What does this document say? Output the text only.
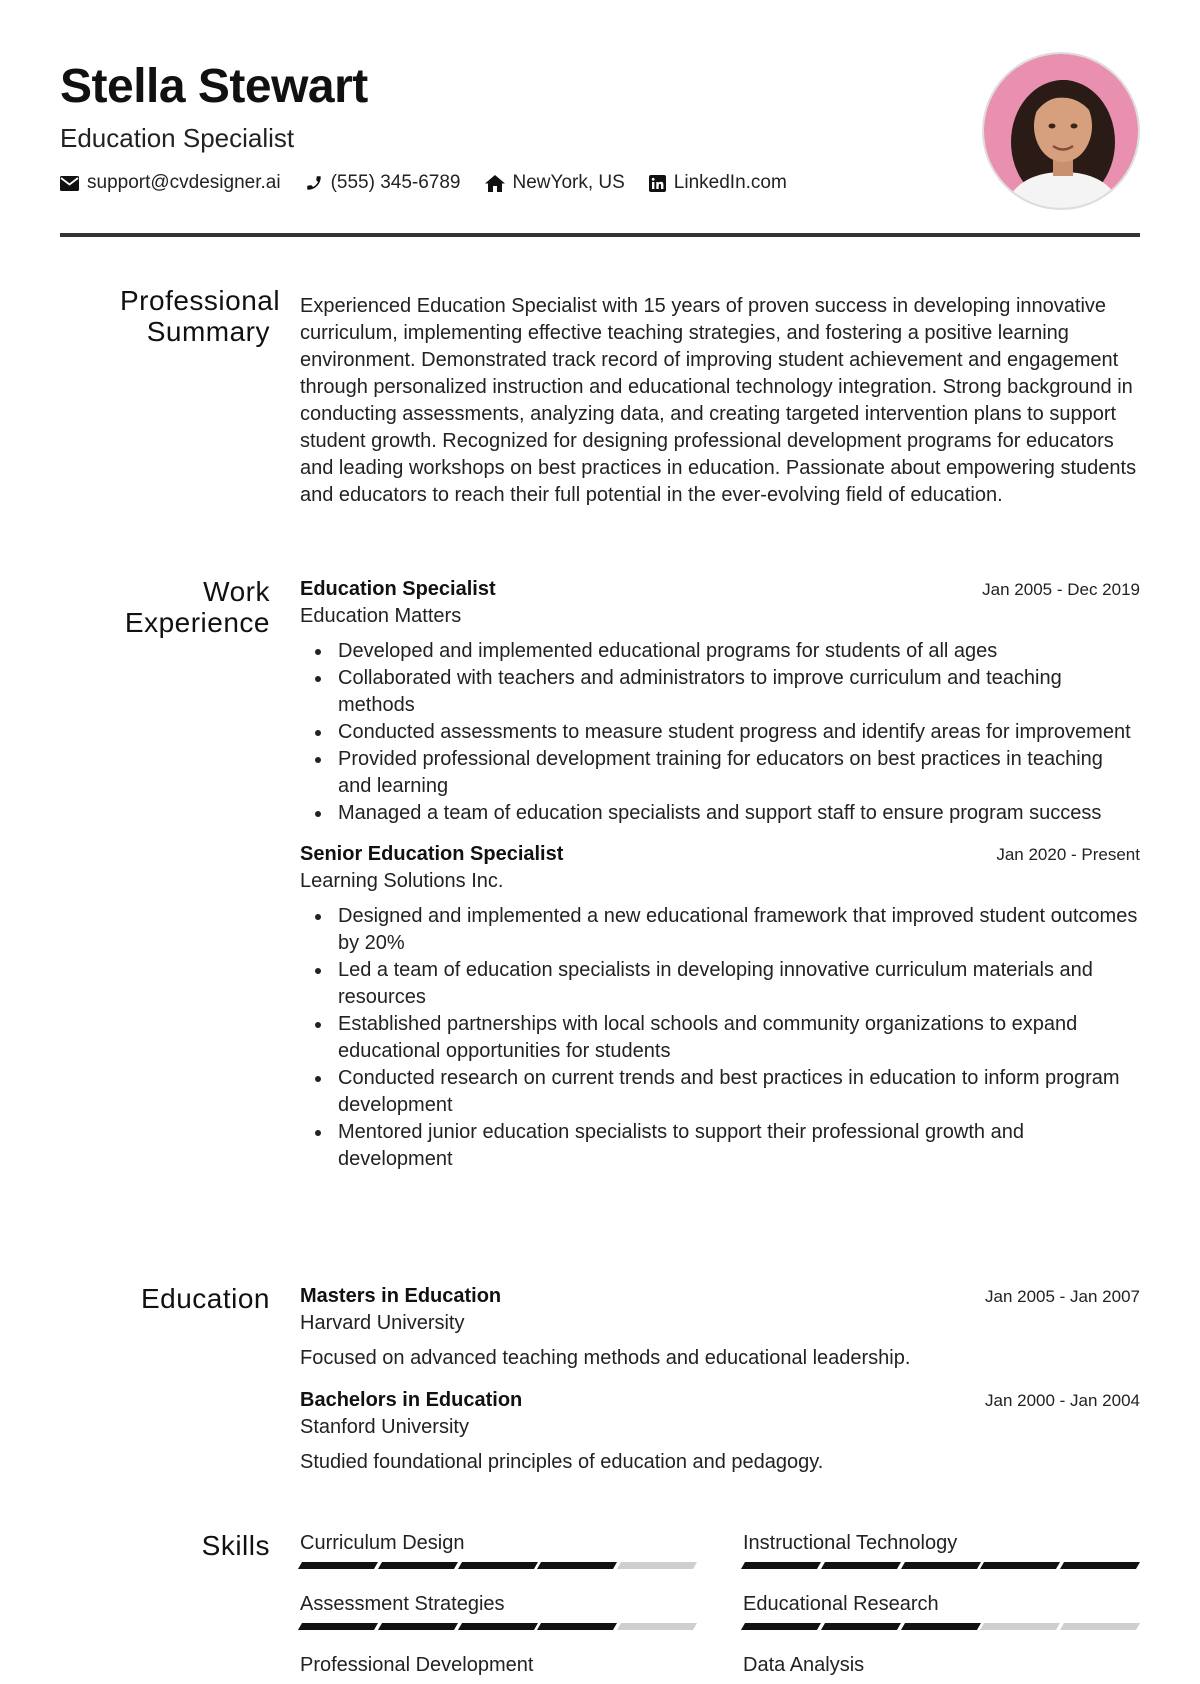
Stella Stewart
Education Specialist
support@cvdesigner.ai	(555) 345-6789	NewYork, US	LinkedIn.com
Professional Summary

Experienced Education Specialist with 15 years of proven success in developing innovative curriculum, implementing effective teaching strategies, and fostering a positive learning environment. Demonstrated track record of improving student achievement and engagement through personalized instruction and educational technology integration. Strong background in conducting assessments, analyzing data, and creating targeted intervention plans to support student growth. Recognized for designing professional development programs for educators and leading workshops on best practices in education. Passionate about empowering students and educators to reach their full potential in the ever-evolving field of education.

Work
Experience
Education Specialist	Jan 2005 - Dec 2019
Education Matters
Developed and implemented educational programs for students of all ages
Collaborated with teachers and administrators to improve curriculum and teaching methods
Conducted assessments to measure student progress and identify areas for improvement
Provided professional development training for educators on best practices in teaching and learning
Managed a team of education specialists and support staff to ensure program success
Senior Education Specialist	Jan 2020 - Present
Learning Solutions Inc.
Designed and implemented a new educational framework that improved student outcomes by 20%
Led a team of education specialists in developing innovative curriculum materials and resources
Established partnerships with local schools and community organizations to expand educational opportunities for students
Conducted research on current trends and best practices in education to inform program development
Mentored junior education specialists to support their professional growth and development
Education Masters in Education	Jan 2005 - Jan 2007
Harvard University
Focused on advanced teaching methods and educational leadership.
Bachelors in Education	Jan 2000 - Jan 2004
Stanford University
Studied foundational principles of education and pedagogy.
Skills Curriculum Design	Instructional Technology
Assessment Strategies	Educational Research
Professional Development	Data Analysis
